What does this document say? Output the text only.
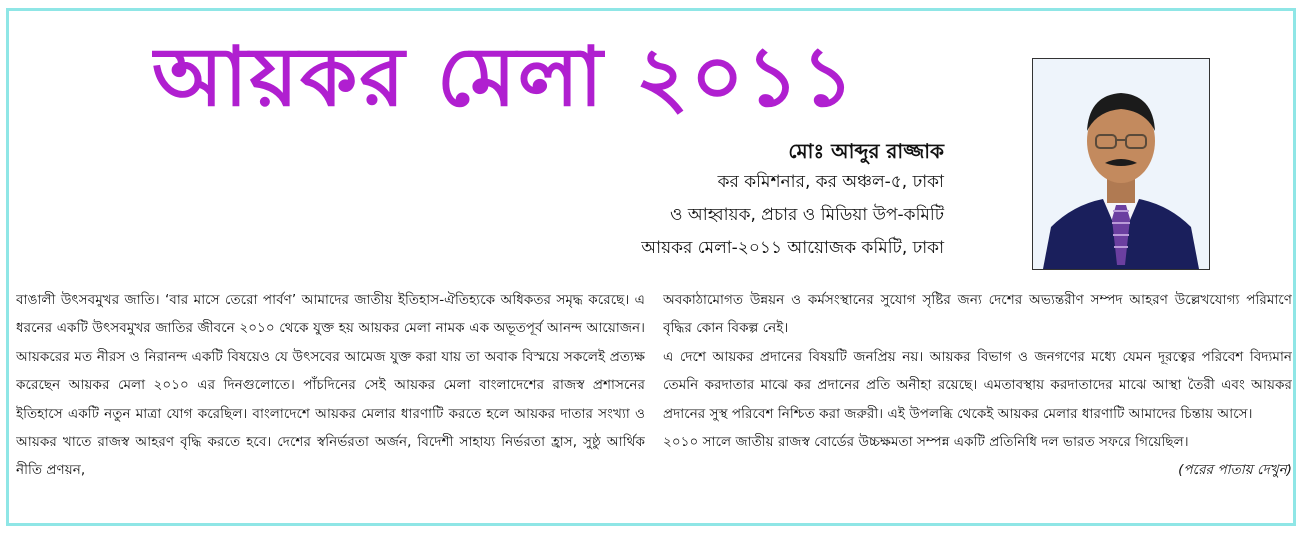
আয়কর মেলা ২০১১
মোঃ আব্দুর রাজ্জাক
কর কমিশনার, কর অঞ্চল-৫, ঢাকা
ও আহ্বায়ক, প্রচার ও মিডিয়া উপ-কমিটি
আয়কর মেলা-২০১১ আয়োজক কমিটি, ঢাকা

বাঙালী উৎসবমুখর জাতি। ‘বার মাসে তেরো পার্বণ’ আমাদের জাতীয় ইতিহাস-ঐতিহ্যকে অধিকতর সমৃদ্ধ করেছে। এ ধরনের একটি উৎসবমুখর জাতির জীবনে ২০১০ থেকে যুক্ত হয় আয়কর মেলা নামক এক অভূতপূর্ব আনন্দ আয়োজন। আয়করের মত নীরস ও নিরানন্দ একটি বিষয়েও যে উৎসবের আমেজ যুক্ত করা যায় তা অবাক বিস্ময়ে সকলেই প্রত্যক্ষ করেছেন আয়কর মেলা ২০১০ এর দিনগুলোতে। পাঁচদিনের সেই আয়কর মেলা বাংলাদেশের রাজস্ব প্রশাসনের ইতিহাসে একটি নতুন মাত্রা যোগ করেছিল। বাংলাদেশে আয়কর মেলার ধারণাটি করতে হলে আয়কর দাতার সংখ্যা ও আয়কর খাতে রাজস্ব আহরণ বৃদ্ধি করতে হবে। দেশের স্বনির্ভরতা অর্জন, বিদেশী সাহায্য নির্ভরতা হ্রাস, সুষ্ঠু আর্থিক নীতি প্রণয়ন,

অবকাঠামোগত উন্নয়ন ও কর্মসংস্থানের সুযোগ সৃষ্টির জন্য দেশের অভ্যন্তরীণ সম্পদ আহরণ উল্লেখযোগ্য পরিমাণে বৃদ্ধির কোন বিকল্প নেই।

এ দেশে আয়কর প্রদানের বিষয়টি জনপ্রিয় নয়। আয়কর বিভাগ ও জনগণের মধ্যে যেমন দূরত্বের পরিবেশ বিদ্যমান তেমনি করদাতার মাঝে কর প্রদানের প্রতি অনীহা রয়েছে। এমতাবস্থায় করদাতাদের মাঝে আস্থা তৈরী এবং আয়কর প্রদানের সুস্থ পরিবেশ নিশ্চিত করা জরুরী। এই উপলব্ধি থেকেই আয়কর মেলার ধারণাটি আমাদের চিন্তায় আসে।

২০১০ সালে জাতীয় রাজস্ব বোর্ডের উচ্চক্ষমতা সম্পন্ন একটি প্রতিনিধি দল ভারত সফরে গিয়েছিল।

(পরের পাতায় দেখুন)
